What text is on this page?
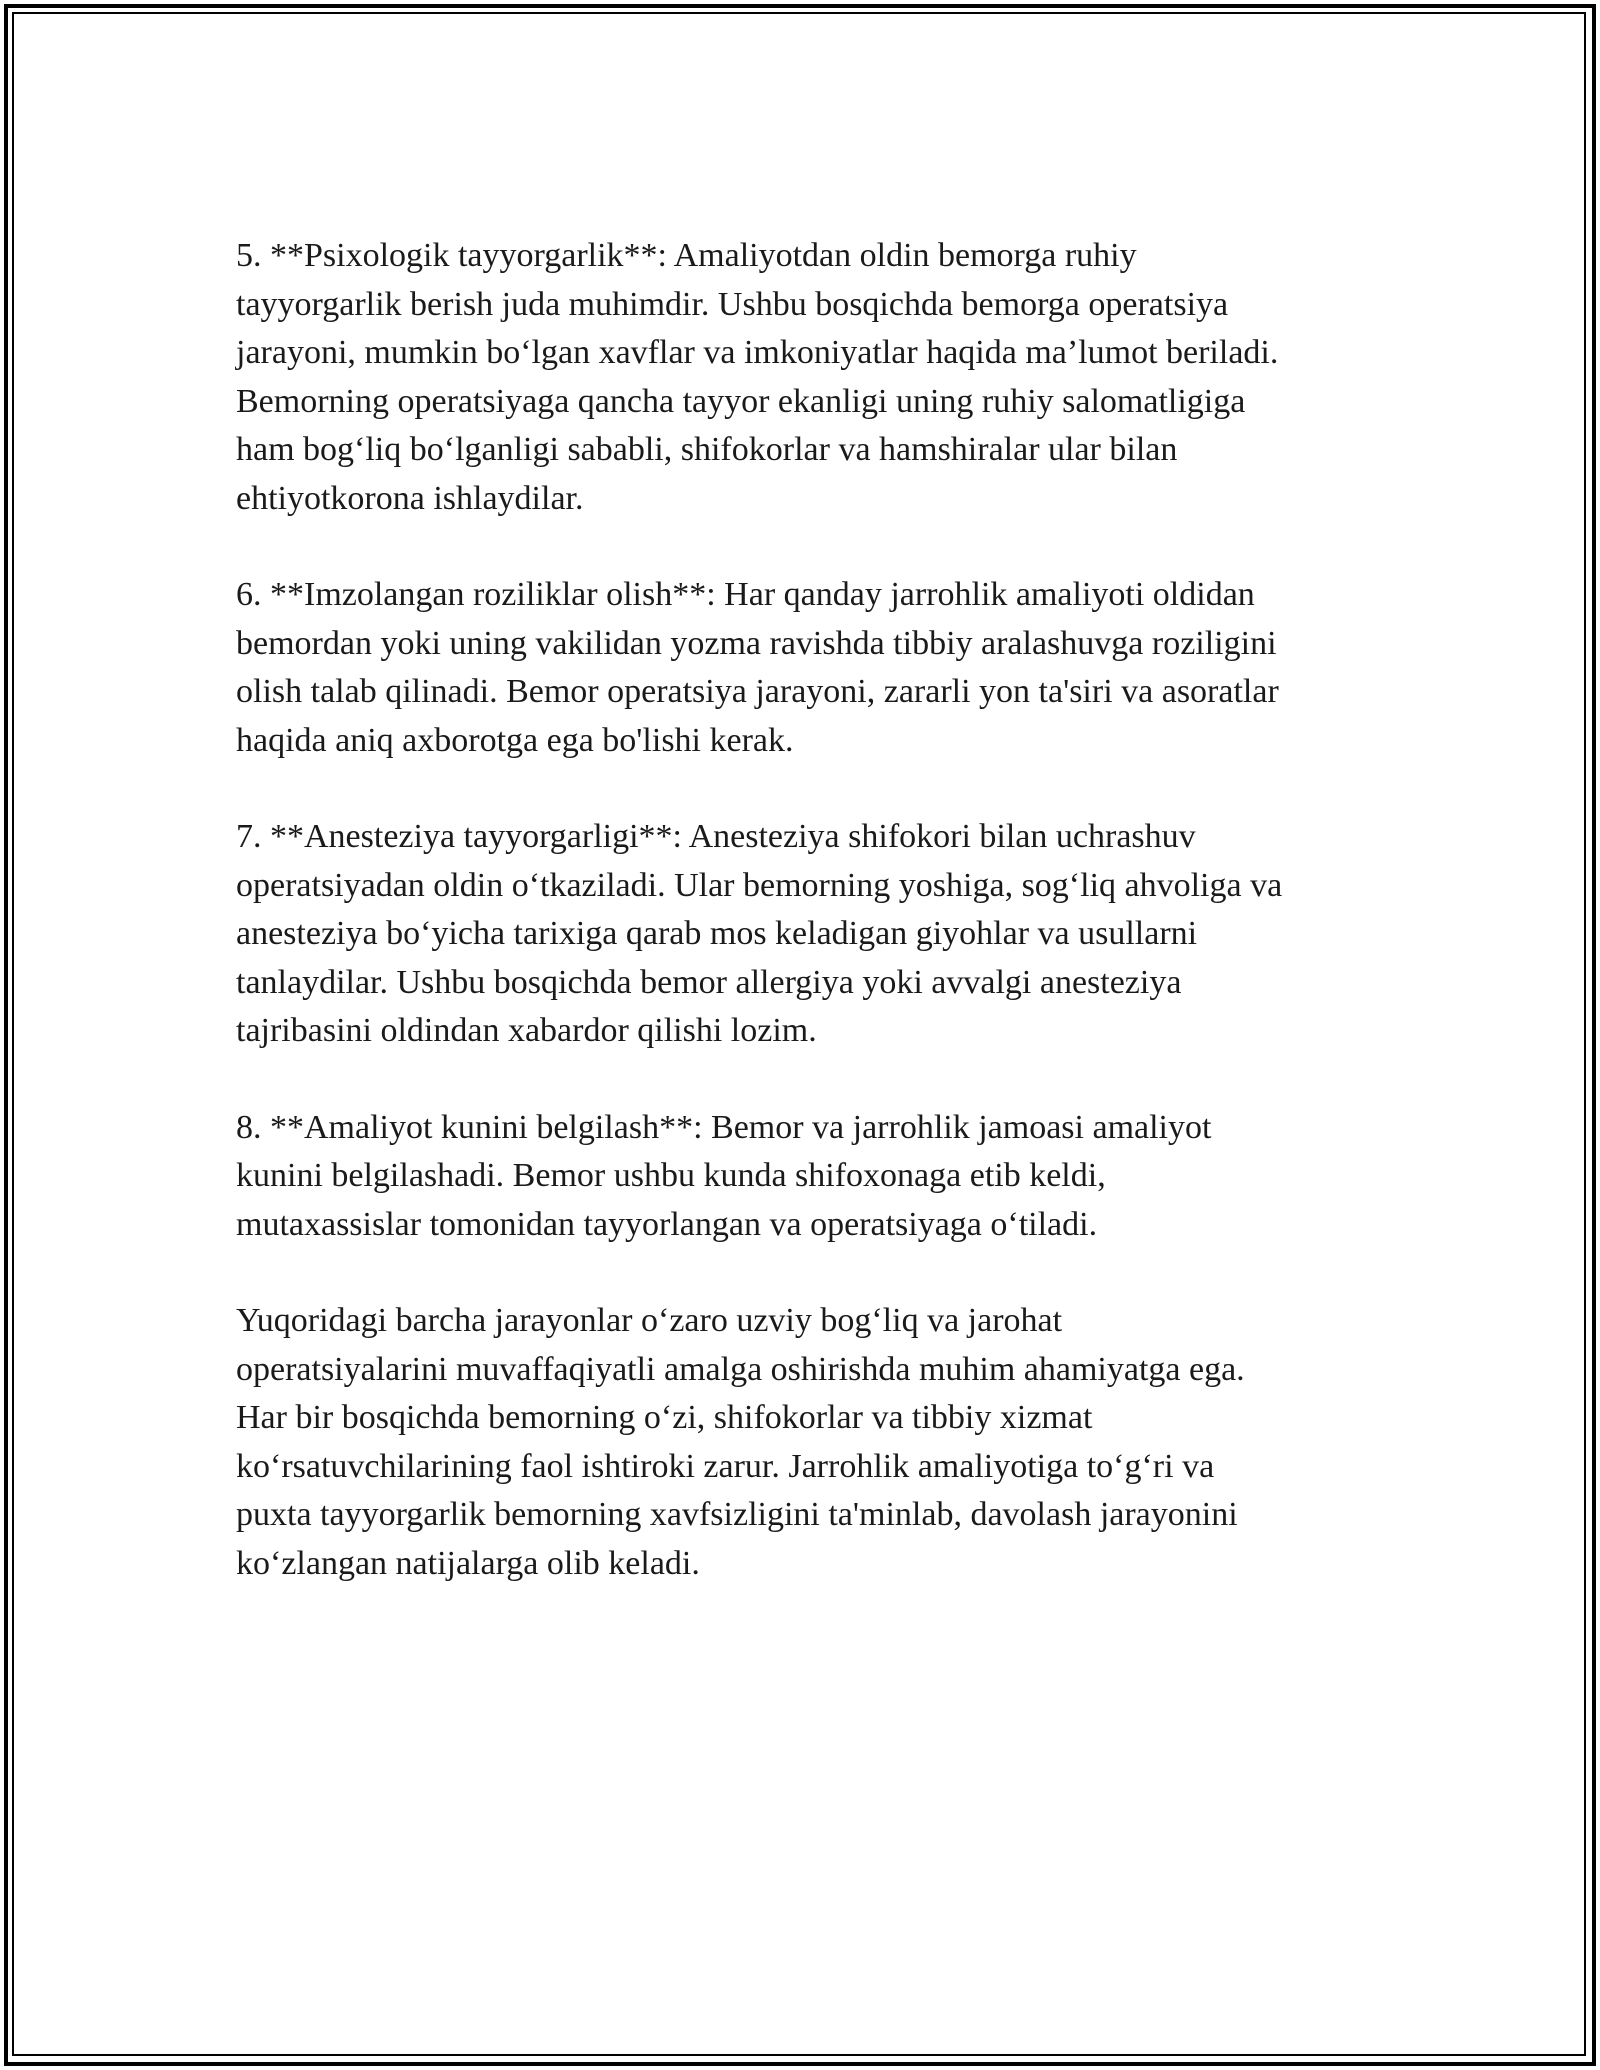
5. **Psixologik tayyorgarlik**: Amaliyotdan oldin bemorga ruhiy
tayyorgarlik berish juda muhimdir. Ushbu bosqichda bemorga operatsiya
jarayoni, mumkin bo‘lgan xavflar va imkoniyatlar haqida ma’lumot beriladi.
Bemorning operatsiyaga qancha tayyor ekanligi uning ruhiy salomatligiga
ham bog‘liq bo‘lganligi sababli, shifokorlar va hamshiralar ular bilan
ehtiyotkorona ishlaydilar.

6. **Imzolangan roziliklar olish**: Har qanday jarrohlik amaliyoti oldidan
bemordan yoki uning vakilidan yozma ravishda tibbiy aralashuvga roziligini
olish talab qilinadi. Bemor operatsiya jarayoni, zararli yon ta'siri va asoratlar
haqida aniq axborotga ega bo'lishi kerak.

7. **Anesteziya tayyorgarligi**: Anesteziya shifokori bilan uchrashuv
operatsiyadan oldin o‘tkaziladi. Ular bemorning yoshiga, sog‘liq ahvoliga va
anesteziya bo‘yicha tarixiga qarab mos keladigan giyohlar va usullarni
tanlaydilar. Ushbu bosqichda bemor allergiya yoki avvalgi anesteziya
tajribasini oldindan xabardor qilishi lozim.

8. **Amaliyot kunini belgilash**: Bemor va jarrohlik jamoasi amaliyot
kunini belgilashadi. Bemor ushbu kunda shifoxonaga etib keldi,
mutaxassislar tomonidan tayyorlangan va operatsiyaga o‘tiladi.

Yuqoridagi barcha jarayonlar o‘zaro uzviy bog‘liq va jarohat
operatsiyalarini muvaffaqiyatli amalga oshirishda muhim ahamiyatga ega.
Har bir bosqichda bemorning o‘zi, shifokorlar va tibbiy xizmat
ko‘rsatuvchilarining faol ishtiroki zarur. Jarrohlik amaliyotiga to‘g‘ri va
puxta tayyorgarlik bemorning xavfsizligini ta'minlab, davolash jarayonini
ko‘zlangan natijalarga olib keladi.
